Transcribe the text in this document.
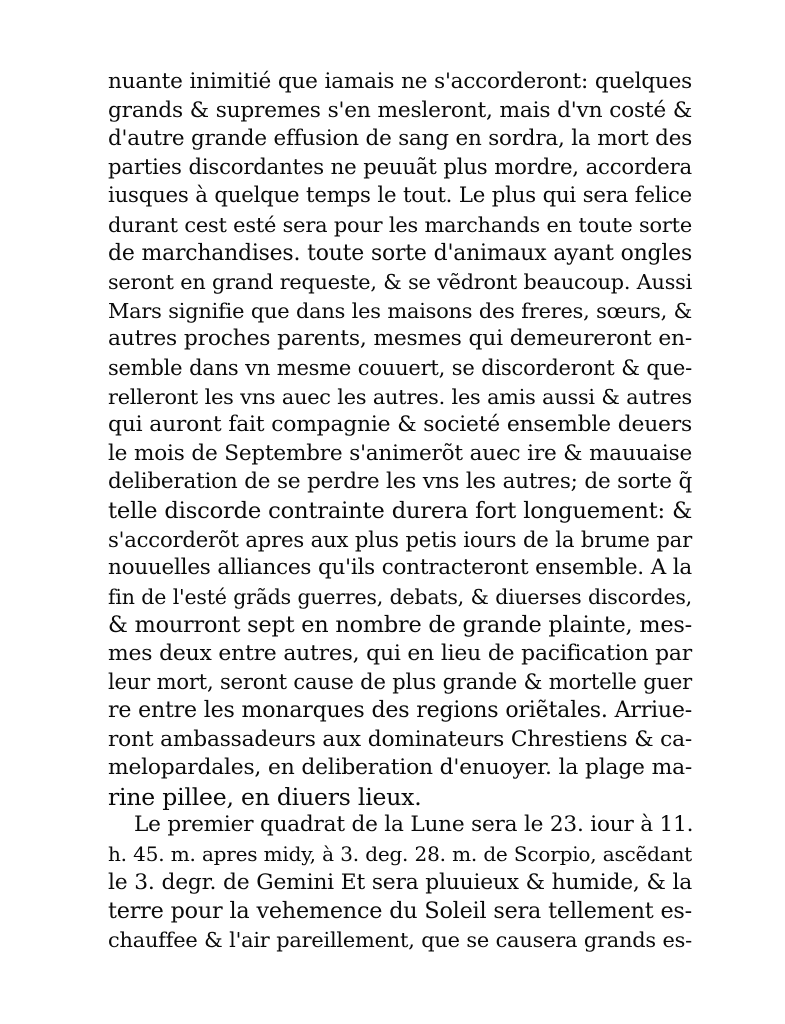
nuante inimitié que iamais ne s'accorderont: quelques
grands & supremes s'en mesleront, mais d'vn costé &
d'autre grande effusion de sang en sordra, la mort des
parties discordantes ne peuuãt plus mordre, accordera
iusques à quelque temps le tout. Le plus qui sera felice
durant cest esté sera pour les marchands en toute sorte
de marchandises. toute sorte d'animaux ayant ongles
seront en grand requeste, & se vẽdront beaucoup. Aussi
Mars signifie que dans les maisons des freres, sœurs, &
autres proches parents, mesmes qui demeureront en-
semble dans vn mesme couuert, se discorderont & que-
relleront les vns auec les autres. les amis aussi & autres
qui auront fait compagnie & societé ensemble deuers
le mois de Septembre s'animerõt auec ire & mauuaise
deliberation de se perdre les vns les autres; de sorte q̃
telle discorde contrainte durera fort longuement: &
s'accorderõt apres aux plus petis iours de la brume par
nouuelles alliances qu'ils contracteront ensemble. A la
fin de l'esté grãds guerres, debats, & diuerses discordes,
& mourront sept en nombre de grande plainte, mes-
mes deux entre autres, qui en lieu de pacification par
leur mort, seront cause de plus grande & mortelle guer
re entre les monarques des regions oriẽtales. Arriue-
ront ambassadeurs aux dominateurs Chrestiens & ca-
melopardales, en deliberation d'enuoyer. la plage ma-
rine pillee, en diuers lieux.
Le premier quadrat de la Lune sera le 23. iour à 11.
h. 45. m. apres midy, à 3. deg. 28. m. de Scorpio, ascẽdant
le 3. degr. de Gemini Et sera pluuieux & humide, & la
terre pour la vehemence du Soleil sera tellement es-
chauffee & l'air pareillement, que se causera grands es-
